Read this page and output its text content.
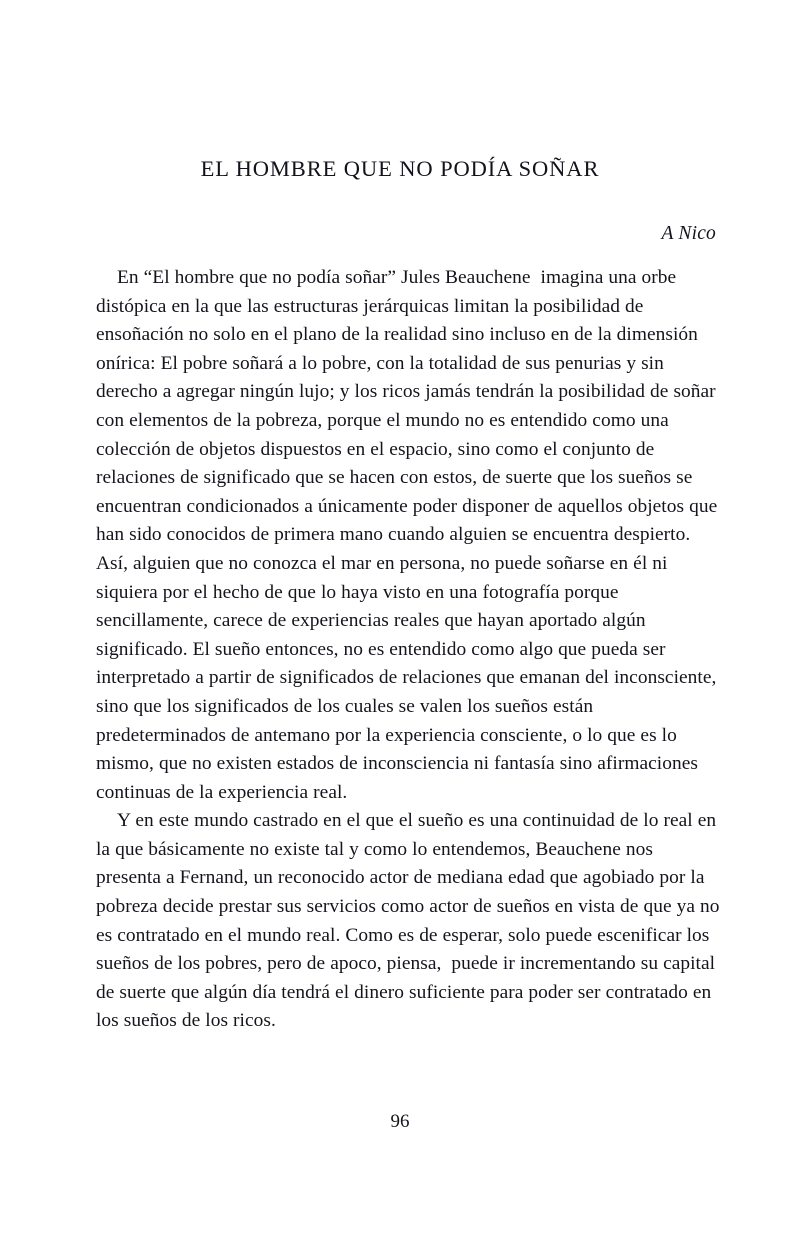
EL HOMBRE QUE NO PODÍA SOÑAR
A Nico

En “El hombre que no podía soñar” Jules Beauchene  imagina una orbe distópica en la que las estructuras jerárquicas limitan la posibilidad de ensoñación no solo en el plano de la realidad sino incluso en de la dimensión onírica: El pobre soñará a lo pobre, con la totalidad de sus penurias y sin derecho a agregar ningún lujo; y los ricos jamás tendrán la posibilidad de soñar con elementos de la pobreza, porque el mundo no es entendido como una colección de objetos dispuestos en el espacio, sino como el conjunto de relaciones de significado que se hacen con estos, de suerte que los sueños se encuentran condicionados a únicamente poder disponer de aquellos objetos que han sido conocidos de primera mano cuando alguien se encuentra despierto. Así, alguien que no conozca el mar en persona, no puede soñarse en él ni siquiera por el hecho de que lo haya visto en una fotografía porque sencillamente, carece de experiencias reales que hayan aportado algún significado. El sueño entonces, no es entendido como algo que pueda ser interpretado a partir de significados de relaciones que emanan del inconsciente, sino que los significados de los cuales se valen los sueños están predeterminados de antemano por la experiencia consciente, o lo que es lo mismo, que no existen estados de inconsciencia ni fantasía sino afirmaciones continuas de la experiencia real.

Y en este mundo castrado en el que el sueño es una continuidad de lo real en la que básicamente no existe tal y como lo entendemos, Beauchene nos presenta a Fernand, un reconocido actor de mediana edad que agobiado por la pobreza decide prestar sus servicios como actor de sueños en vista de que ya no es contratado en el mundo real. Como es de esperar, solo puede escenificar los sueños de los pobres, pero de apoco, piensa,  puede ir incrementando su capital de suerte que algún día tendrá el dinero suficiente para poder ser contratado en los sueños de los ricos.

96
